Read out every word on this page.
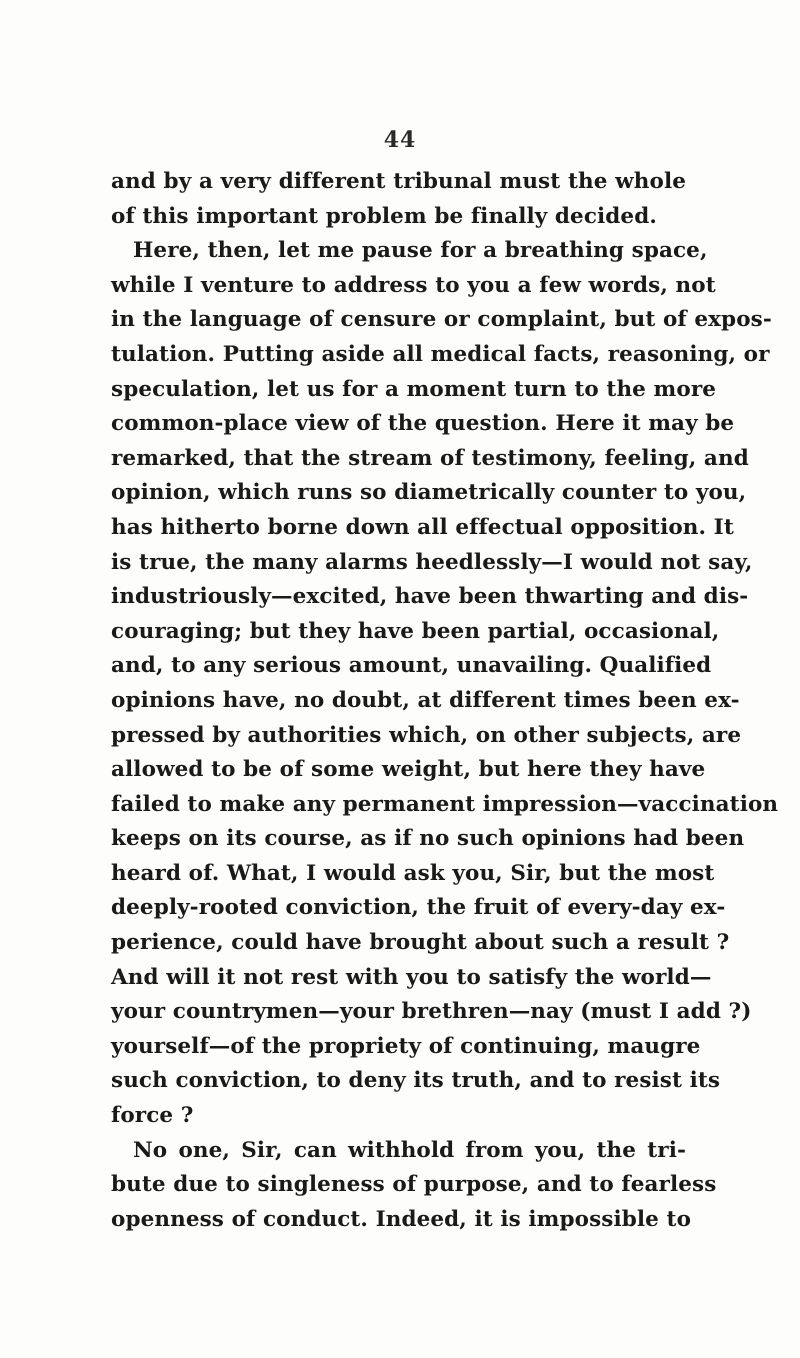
44
and by a very different tribunal must the whole
of this important problem be finally decided.
Here, then, let me pause for a breathing space,
while I venture to address to you a few words, not
in the language of censure or complaint, but of expos-
tulation. Putting aside all medical facts, reasoning, or
speculation, let us for a moment turn to the more
common-place view of the question. Here it may be
remarked, that the stream of testimony, feeling, and
opinion, which runs so diametrically counter to you,
has hitherto borne down all effectual opposition. It
is true, the many alarms heedlessly—I would not say,
industriously—excited, have been thwarting and dis-
couraging; but they have been partial, occasional,
and, to any serious amount, unavailing. Qualified
opinions have, no doubt, at different times been ex-
pressed by authorities which, on other subjects, are
allowed to be of some weight, but here they have
failed to make any permanent impression—vaccination
keeps on its course, as if no such opinions had been
heard of. What, I would ask you, Sir, but the most
deeply-rooted conviction, the fruit of every-day ex-
perience, could have brought about such a result ?
And will it not rest with you to satisfy the world—
your countrymen—your brethren—nay (must I add ?)
yourself—of the propriety of continuing, maugre
such conviction, to deny its truth, and to resist its
force ?
No one, Sir, can withhold from you, the tri-
bute due to singleness of purpose, and to fearless
openness of conduct. Indeed, it is impossible to
